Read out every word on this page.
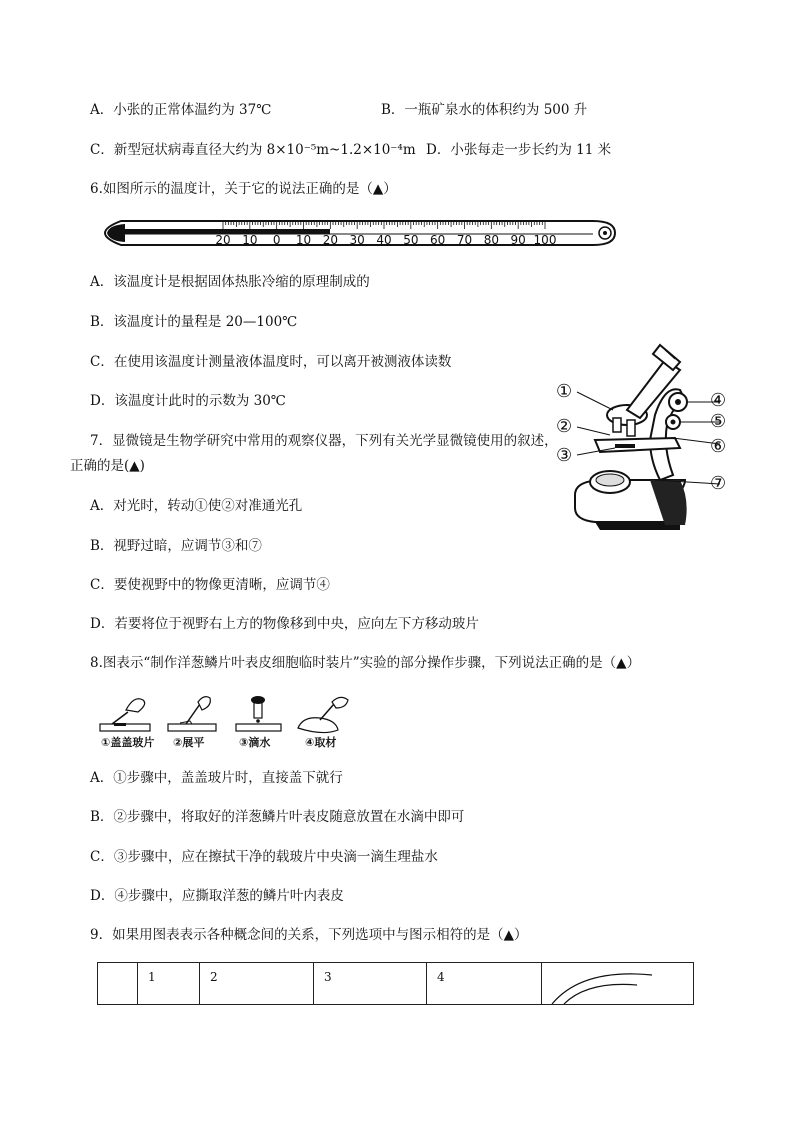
A．小张的正常体温约为 37℃	B．一瓶矿泉水的体积约为 500 升
C．新型冠状病毒直径大约为 8×10⁻⁵m~1.2×10⁻⁴m D．小张每走一步长约为 11 米
6.如图所示的温度计，关于它的说法正确的是（▲）
20 10 0 10 20 30 40 50 60 70 80 90 100
A．该温度计是根据固体热胀冷缩的原理制成的
B．该温度计的量程是 20—100℃
C．在使用该温度计测量液体温度时，可以离开被测液体读数
D．该温度计此时的示数为 30℃	①
②
③
④
⑤
⑥
⑦
7．显微镜是生物学研究中常用的观察仪器，下列有关光学显微镜使用的叙述，
正确的是(▲)
A．对光时，转动①使②对准通光孔
B．视野过暗，应调节③和⑦
C．要使视野中的物像更清晰，应调节④
D．若要将位于视野右上方的物像移到中央，应向左下方移动玻片
8.图表示“制作洋葱鳞片叶表皮细胞临时装片”实验的部分操作步骤，下列说法正确的是（▲）
①盖盖玻片 ②展平	③滴水	④取材
A．①步骤中，盖盖玻片时，直接盖下就行
B．②步骤中，将取好的洋葱鳞片叶表皮随意放置在水滴中即可
C．③步骤中，应在擦拭干净的载玻片中央滴一滴生理盐水
D．④步骤中，应撕取洋葱的鳞片叶内表皮
9．如果用图表表示各种概念间的关系，下列选项中与图示相符的是（▲）
1	2	3	4
